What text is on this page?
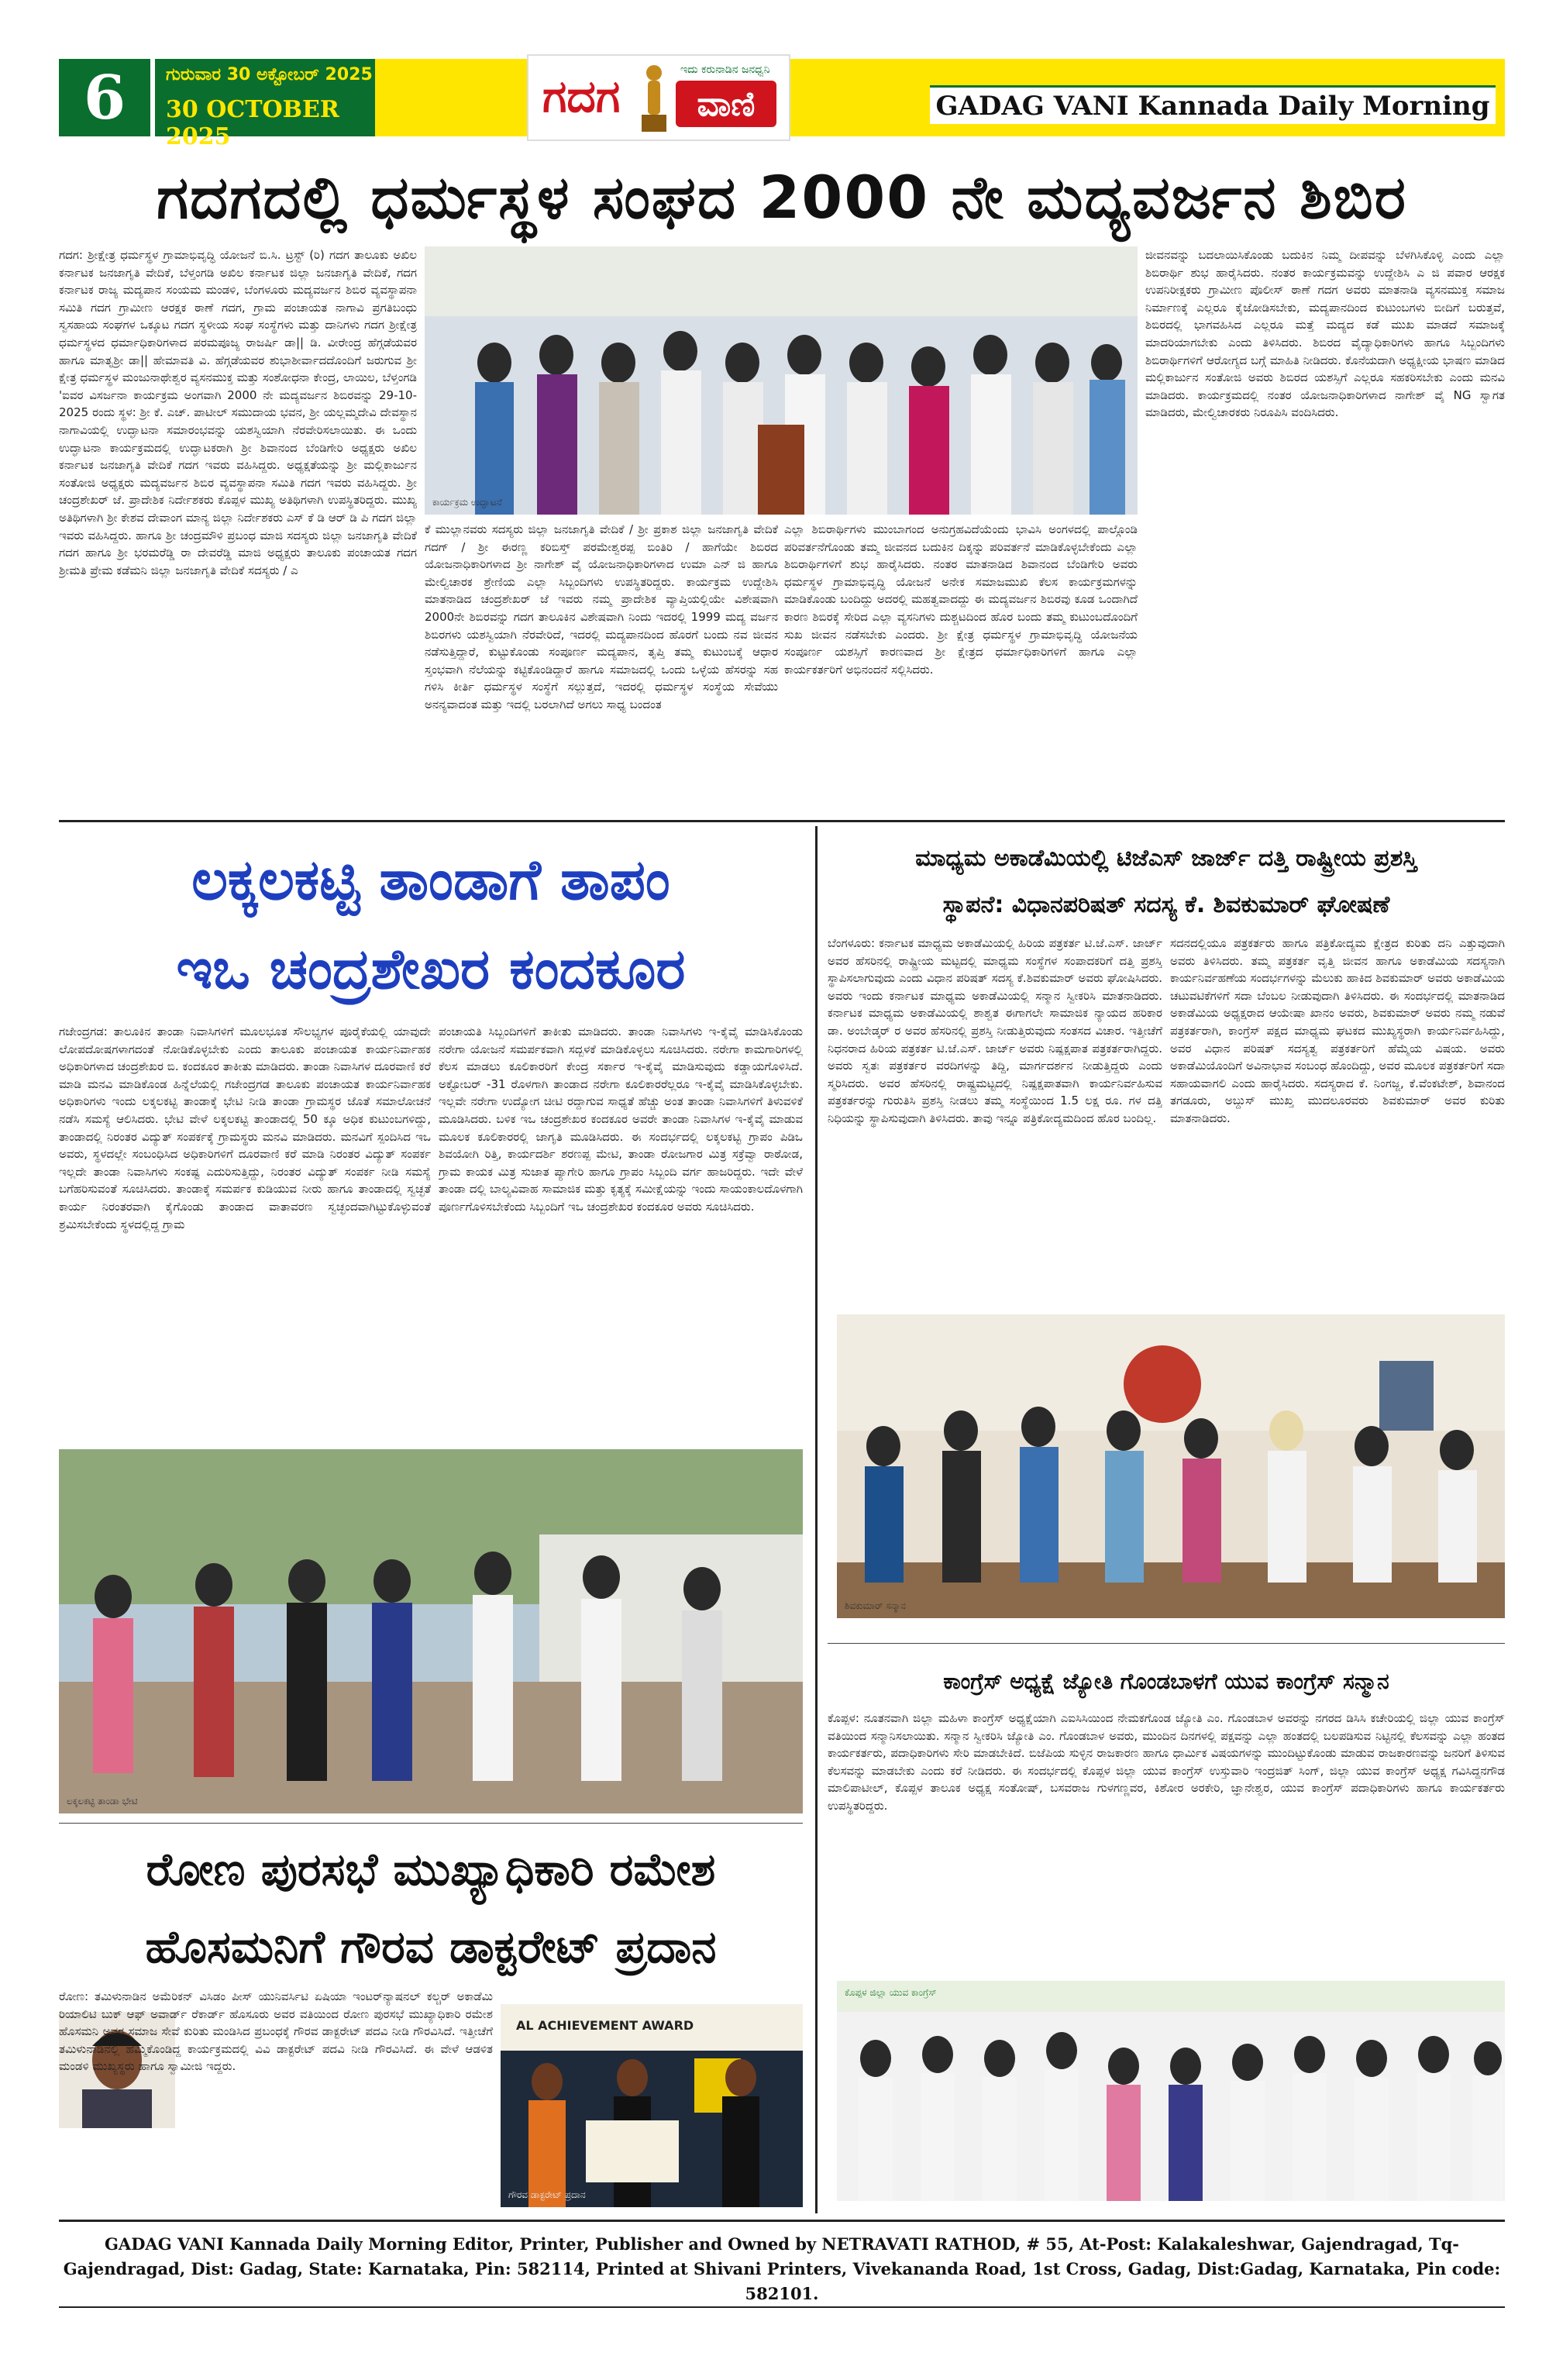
6	ಗುರುವಾರ 30 ಅಕ್ಟೋಬರ್ 2025
30 OCTOBER 2025
ಗದಗ	ಇದು ಕರುನಾಡಿನ ಜನಧ್ವನಿ
ವಾಣಿ	GADAG VANI Kannada Daily Morning
ಗದಗದಲ್ಲಿ ಧರ್ಮಸ್ಥಳ ಸಂಘದ 2000 ನೇ ಮದ್ಯವರ್ಜನ ಶಿಬಿರ

ಗದಗ: ಶ್ರೀಕ್ಷೇತ್ರ ಧರ್ಮಸ್ಥಳ ಗ್ರಾಮಾಭಿವೃದ್ಧಿ ಯೋಜನೆ ಬಿ.ಸಿ. ಟ್ರಸ್ಟ್ (ರಿ) ಗದಗ ತಾಲೂಕು ಅಖಿಲ ಕರ್ನಾಟಕ ಜನಜಾಗೃತಿ ವೇದಿಕೆ, ಬೆಳ್ತಂಗಡಿ ಅಖಿಲ ಕರ್ನಾಟಕ ಜಿಲ್ಲಾ ಜನಜಾಗೃತಿ ವೇದಿಕೆ, ಗದಗ ಕರ್ನಾಟಕ ರಾಜ್ಯ ಮದ್ಯಪಾನ ಸಂಯಮ ಮಂಡಳಿ, ಬೆಂಗಳೂರು ಮದ್ಯವರ್ಜನ ಶಿಬಿರ ವ್ಯವಸ್ಥಾಪನಾ ಸಮಿತಿ ಗದಗ ಗ್ರಾಮೀಣ ಆರಕ್ಷಕ ಠಾಣೆ ಗದಗ, ಗ್ರಾಮ ಪಂಚಾಯತ ನಾಗಾವಿ ಪ್ರಗತಿಬಂಧು ಸ್ವಸಹಾಯ ಸಂಘಗಳ ಒಕ್ಕೂಟ ಗದಗ ಸ್ಥಳೀಯ ಸಂಘ ಸಂಸ್ಥೆಗಳು ಮತ್ತು ದಾನಿಗಳು ಗದಗ ಶ್ರೀಕ್ಷೇತ್ರ ಧರ್ಮಸ್ಥಳದ ಧರ್ಮಾಧಿಕಾರಿಗಳಾದ ಪರಮಪೂಜ್ಯ ರಾಜರ್ಷಿ ಡಾ|| ಡಿ. ವೀರೇಂದ್ರ ಹೆಗ್ಗಡೆಯವರ ಹಾಗೂ ಮಾತೃಶ್ರೀ ಡಾ|| ಹೇಮಾವತಿ ವಿ. ಹೆಗ್ಗಡೆಯವರ ಶುಭಾಶೀರ್ವಾದದೊಂದಿಗೆ ಜರುಗುವ ಶ್ರೀ ಕ್ಷೇತ್ರ ಧರ್ಮಸ್ಥಳ ಮಂಜುನಾಥೇಶ್ವರ ವ್ಯಸನಮುಕ್ತ ಮತ್ತು ಸಂಶೋಧನಾ ಕೇಂದ್ರ, ಲಾಯಿಲ, ಬೆಳ್ತಂಗಡಿ 'ಐವರ ವಿಸರ್ಜನಾ ಕಾರ್ಯಕ್ರಮ ಅಂಗವಾಗಿ 2000 ನೇ ಮದ್ಯವರ್ಜನ ಶಿಬಿರವನ್ನು 29-10-2025 ರಂದು ಸ್ಥಳ: ಶ್ರೀ ಕೆ. ಎಚ್. ಪಾಟೀಲ್ ಸಮುದಾಯ ಭವನ, ಶ್ರೀ ಯಲ್ಲಮ್ಮದೇವಿ ದೇವಸ್ಥಾನ ನಾಗಾವಿಯಲ್ಲಿ ಉದ್ಘಾಟನಾ ಸಮಾರಂಭವನ್ನು ಯಶಸ್ವಿಯಾಗಿ ನೆರವೇರಿಸಲಾಯಿತು. ಈ ಒಂದು ಉದ್ಘಾಟನಾ ಕಾರ್ಯಕ್ರಮದಲ್ಲಿ ಉದ್ಘಾಟಕರಾಗಿ ಶ್ರೀ ಶಿವಾನಂದ ಬೆಂಡಿಗೇರಿ ಅಧ್ಯಕ್ಷರು ಅಖಿಲ ಕರ್ನಾಟಕ ಜನಜಾಗೃತಿ ವೇದಿಕೆ ಗದಗ ಇವರು ವಹಿಸಿದ್ದರು. ಅಧ್ಯಕ್ಷತೆಯನ್ನು ಶ್ರೀ ಮಲ್ಲಿಕಾರ್ಜುನ ಸಂತೋಜಿ ಅಧ್ಯಕ್ಷರು ಮದ್ಯವರ್ಜನ ಶಿಬಿರ ವ್ಯವಸ್ಥಾಪನಾ ಸಮಿತಿ ಗದಗ ಇವರು ವಹಿಸಿದ್ದರು. ಶ್ರೀ ಚಂದ್ರಶೇಖರ್ ಜೆ. ಪ್ರಾದೇಶಿಕ ನಿರ್ದೇಶಕರು ಕೊಪ್ಪಳ ಮುಖ್ಯ ಅತಿಥಿಗಳಾಗಿ ಉಪಸ್ಥಿತರಿದ್ದರು. ಮುಖ್ಯ ಅತಿಥಿಗಳಾಗಿ ಶ್ರೀ ಕೇಶವ ದೇವಾಂಗ ಮಾನ್ಯ ಜಿಲ್ಲಾ ನಿರ್ದೇಶಕರು ಎಸ್ ಕೆ ಡಿ ಆರ್ ಡಿ ಪಿ ಗದಗ ಜಿಲ್ಲಾ ಇವರು ವಹಿಸಿದ್ದರು. ಹಾಗೂ ಶ್ರೀ ಚಂದ್ರಮೌಳಿ ಪ್ರಬಂಧ ಮಾಜಿ ಸದಸ್ಯರು ಜಿಲ್ಲಾ ಜನಜಾಗೃತಿ ವೇದಿಕೆ ಗದಗ ಹಾಗೂ ಶ್ರೀ ಭರಮರೆಡ್ಡಿ ರಾ ದೇವರೆಡ್ಡಿ ಮಾಜಿ ಅಧ್ಯಕ್ಷರು ತಾಲೂಕು ಪಂಚಾಯತ ಗದಗ ಶ್ರೀಮತಿ ಪ್ರೇಮ ಕಡೆಮನಿ ಜಿಲ್ಲಾ ಜನಜಾಗೃತಿ ವೇದಿಕೆ ಸದಸ್ಯರು / ಎ

ಕಾರ್ಯಕ್ರಮ ಉದ್ಘಾಟನೆ

ಕೆ ಮುಲ್ಲಾನವರು ಸದಸ್ಯರು ಜಿಲ್ಲಾ ಜನಜಾಗೃತಿ ವೇದಿಕೆ / ಶ್ರೀ ಪ್ರಕಾಶ ಜಿಲ್ಲಾ ಜನಜಾಗೃತಿ ವೇದಿಕೆ ಗದಗ್ / ಶ್ರೀ ಈರಣ್ಣ ಕರಿಬಿಸ್ತ್ ಪರಮೇಶ್ವರಪ್ಪ ಬಿಂತಿರಿ / ಹಾಗೆಯೇ ಶಿಬಿರದ ಯೋಜನಾಧಿಕಾರಿಗಳಾದ ಶ್ರೀ ನಾಗೇಶ್ ವೈ ಯೋಜನಾಧಿಕಾರಿಗಳಾದ ಉಮಾ ಎನ್ ಜಿ ಹಾಗೂ ಮೇಲ್ವಿಚಾರಕ ಶ್ರೇಣಿಯ ಎಲ್ಲಾ ಸಿಬ್ಬಂದಿಗಳು ಉಪಸ್ಥಿತರಿದ್ದರು. ಕಾರ್ಯಕ್ರಮ ಉದ್ದೇಶಿಸಿ ಮಾತನಾಡಿದ ಚಂದ್ರಶೇಖರ್ ಜೆ ಇವರು ನಮ್ಮ ಪ್ರಾದೇಶಿಕ ವ್ಯಾಪ್ತಿಯಲ್ಲಿಯೇ ವಿಶೇಷವಾಗಿ 2000ನೇ ಶಿಬಿರವನ್ನು ಗದಗ ತಾಲೂಕಿನ ವಿಶೇಷವಾಗಿ ನಿಂದು ಇದರಲ್ಲಿ 1999 ಮದ್ಯ ವರ್ಜನ ಶಿಬಿರಗಳು ಯಶಸ್ವಿಯಾಗಿ ನೆರವೇರಿದೆ, ಇದರಲ್ಲಿ ಮದ್ಯಪಾನದಿಂದ ಹೊರಗೆ ಬಂದು ನವ ಜೀವನ ನಡೆಸುತ್ತಿದ್ದಾರೆ, ಕುಟ್ಟುಕೊಂಡು ಸಂಪೂರ್ಣ ಮದ್ಯಪಾನ, ತೃಪ್ತಿ ತಮ್ಮ ಕುಟುಂಬಕ್ಕೆ ಆಧಾರ ಸ್ತಂಭವಾಗಿ ನೆಲೆಯನ್ನು ಕಟ್ಟಿಕೊಂಡಿದ್ದಾರೆ ಹಾಗೂ ಸಮಾಜದಲ್ಲಿ ಒಂದು ಒಳ್ಳೆಯ ಹೆಸರನ್ನು ಸಹ ಗಳಿಸಿ ಕೀರ್ತಿ ಧರ್ಮಸ್ಥಳ ಸಂಸ್ಥೆಗೆ ಸಲ್ಲುತ್ತದೆ, ಇದರಲ್ಲಿ ಧರ್ಮಸ್ಥಳ ಸಂಸ್ಥೆಯ ಸೇವೆಯು ಅನನ್ಯವಾದಂತ ಮತ್ತು ಇದಲ್ಲಿ ಬರಲಾಗಿದೆ ಅಗಲು ಸಾಧ್ಯ ಬಂದಂತ

ಎಲ್ಲಾ ಶಿಬಿರಾರ್ಥಿಗಳು ಮುಂಬಾಗಂದ ಅನುಗ್ರಹವಿದೆಯೆಂದು ಭಾವಿಸಿ ಅಂಗಳದಲ್ಲಿ ಪಾಲ್ಗೊಂಡಿ ಪರಿವರ್ತನೆಗೊಂಡು ತಮ್ಮ ಜೀವನದ ಬದುಕಿನ ದಿಕ್ಕನ್ನು ಪರಿವರ್ತನೆ ಮಾಡಿಕೊಳ್ಳಬೇಕೆಂದು ಎಲ್ಲಾ ಶಿಬಿರಾರ್ಥಿಗಳಿಗೆ ಶುಭ ಹಾರೈಸಿದರು. ನಂತರ ಮಾತನಾಡಿದ ಶಿವಾನಂದ ಬೆಂಡಿಗೇರಿ ಅವರು ಧರ್ಮಸ್ಥಳ ಗ್ರಾಮಾಭಿವೃದ್ಧಿ ಯೋಜನೆ ಅನೇಕ ಸಮಾಜಮುಖಿ ಕೆಲಸ ಕಾರ್ಯಕ್ರಮಗಳನ್ನು ಮಾಡಿಕೊಂಡು ಬಂದಿದ್ದು ಅದರಲ್ಲಿ ಮಹತ್ವವಾದದ್ದು ಈ ಮದ್ಯವರ್ಜನ ಶಿಬಿರವು ಕೂಡ ಒಂದಾಗಿದೆ ಕಾರಣ ಶಿಬಿರಕ್ಕೆ ಸೇರಿದ ಎಲ್ಲಾ ವ್ಯಸನಿಗಳು ದುಶ್ಚಟದಿಂದ ಹೊರ ಬಂದು ತಮ್ಮ ಕುಟುಂಬದೊಂದಿಗೆ ಸುಖ ಜೀವನ ನಡೆಸಬೇಕು ಎಂದರು. ಶ್ರೀ ಕ್ಷೇತ್ರ ಧರ್ಮಸ್ಥಳ ಗ್ರಾಮಾಭಿವೃದ್ಧಿ ಯೋಜನೆಯ ಸಂಪೂರ್ಣ ಯಶಸ್ಸಿಗೆ ಕಾರಣವಾದ ಶ್ರೀ ಕ್ಷೇತ್ರದ ಧರ್ಮಾಧಿಕಾರಿಗಳಿಗೆ ಹಾಗೂ ಎಲ್ಲಾ ಕಾರ್ಯಕರ್ತರಿಗೆ ಅಭಿನಂದನೆ ಸಲ್ಲಿಸಿದರು.

ಜೀವನವನ್ನು ಬದಲಾಯಿಸಿಕೊಂಡು ಬದುಕಿನ ನಿಮ್ಮ ದೀಪವನ್ನು ಬೆಳಗಿಸಿಕೊಳ್ಳಿ ಎಂದು ಎಲ್ಲಾ ಶಿಬಿರಾರ್ಥಿ ಶುಭ ಹಾರೈಸಿದರು. ನಂತರ ಕಾರ್ಯಕ್ರಮವನ್ನು ಉದ್ದೇಶಿಸಿ ಎ ಜಿ ಪವಾರ ಆರಕ್ಷಕ ಉಪನಿರೀಕ್ಷಕರು ಗ್ರಾಮೀಣ ಪೊಲೀಸ್ ಠಾಣೆ ಗದಗ ಅವರು ಮಾತನಾಡಿ ವ್ಯಸನಮುಕ್ತ ಸಮಾಜ ನಿರ್ಮಾಣಕ್ಕೆ ಎಲ್ಲರೂ ಕೈಜೋಡಿಸಬೇಕು, ಮದ್ಯಪಾನದಿಂದ ಕುಟುಂಬಗಳು ಬೀದಿಗೆ ಬರುತ್ತವೆ, ಶಿಬಿರದಲ್ಲಿ ಭಾಗವಹಿಸಿದ ಎಲ್ಲರೂ ಮತ್ತೆ ಮದ್ಯದ ಕಡೆ ಮುಖ ಮಾಡದೆ ಸಮಾಜಕ್ಕೆ ಮಾದರಿಯಾಗಬೇಕು ಎಂದು ತಿಳಿಸಿದರು. ಶಿಬಿರದ ವೈದ್ಯಾಧಿಕಾರಿಗಳು ಹಾಗೂ ಸಿಬ್ಬಂದಿಗಳು ಶಿಬಿರಾರ್ಥಿಗಳಿಗೆ ಆರೋಗ್ಯದ ಬಗ್ಗೆ ಮಾಹಿತಿ ನೀಡಿದರು. ಕೊನೆಯದಾಗಿ ಅಧ್ಯಕ್ಷೀಯ ಭಾಷಣ ಮಾಡಿದ ಮಲ್ಲಿಕಾರ್ಜುನ ಸಂತೋಜಿ ಅವರು ಶಿಬಿರದ ಯಶಸ್ಸಿಗೆ ಎಲ್ಲರೂ ಸಹಕರಿಸಬೇಕು ಎಂದು ಮನವಿ ಮಾಡಿದರು. ಕಾರ್ಯಕ್ರಮದಲ್ಲಿ ನಂತರ ಯೋಜನಾಧಿಕಾರಿಗಳಾದ ನಾಗೇಶ್ ವೈ NG ಸ್ವಾಗತ ಮಾಡಿದರು, ಮೇಲ್ವಿಚಾರಕರು ನಿರೂಪಿಸಿ ವಂದಿಸಿದರು.

ಲಕ್ಕಲಕಟ್ಟಿ ತಾಂಡಾಗೆ ತಾಪಂ
ಇಒ ಚಂದ್ರಶೇಖರ ಕಂದಕೂರ

ಗಜೇಂದ್ರಗಡ: ತಾಲೂಕಿನ ತಾಂಡಾ ನಿವಾಸಿಗಳಿಗೆ ಮೂಲಭೂತ ಸೌಲಭ್ಯಗಳ ಪೂರೈಕೆಯಲ್ಲಿ ಯಾವುದೇ ಲೋಪದೋಷಗಳಾಗದಂತೆ ನೋಡಿಕೊಳ್ಳಬೇಕು ಎಂದು ತಾಲೂಕು ಪಂಚಾಯತ ಕಾರ್ಯನಿರ್ವಾಹಕ ಅಧಿಕಾರಿಗಳಾದ ಚಂದ್ರಶೇಖರ ಬಿ. ಕಂದಕೂರ ತಾಕೀತು ಮಾಡಿದರು. ತಾಂಡಾ ನಿವಾಸಿಗಳ ದೂರವಾಣಿ ಕರೆ ಮಾಡಿ ಮನವಿ ಮಾಡಿಕೊಂಡ ಹಿನ್ನೆಲೆಯಲ್ಲಿ ಗಜೇಂದ್ರಗಡ ತಾಲೂಕು ಪಂಚಾಯತ ಕಾರ್ಯನಿರ್ವಾಹಕ ಅಧಿಕಾರಿಗಳು ಇಂದು ಲಕ್ಕಲಕಟ್ಟಿ ತಾಂಡಾಕ್ಕೆ ಭೇಟಿ ನೀಡಿ ತಾಂಡಾ ಗ್ರಾಮಸ್ಥರ ಜೊತೆ ಸಮಾಲೋಚನೆ ನಡೆಸಿ ಸಮಸ್ಯೆ ಆಲಿಸಿದರು. ಭೇಟಿ ವೇಳೆ ಲಕ್ಕಲಕಟ್ಟಿ ತಾಂಡಾದಲ್ಲಿ 50 ಕ್ಕೂ ಅಧಿಕ ಕುಟುಂಬಗಳಿದ್ದು, ತಾಂಡಾದಲ್ಲಿ ನಿರಂತರ ವಿದ್ಯುತ್ ಸಂಪರ್ಕಕ್ಕೆ ಗ್ರಾಮಸ್ಥರು ಮನವಿ ಮಾಡಿದರು. ಮನವಿಗೆ ಸ್ಪಂದಿಸಿದ ಇಒ ಅವರು, ಸ್ಥಳದಲ್ಲೇ ಸಂಬಂಧಿಸಿದ ಅಧಿಕಾರಿಗಳಿಗೆ ದೂರವಾಣಿ ಕರೆ ಮಾಡಿ ನಿರಂತರ ವಿದ್ಯುತ್ ಸಂಪರ್ಕ ಇಲ್ಲದೇ ತಾಂಡಾ ನಿವಾಸಿಗಳು ಸಂಕಷ್ಟ ಎದುರಿಸುತ್ತಿದ್ದು, ನಿರಂತರ ವಿದ್ಯುತ್ ಸಂಪರ್ಕ ನೀಡಿ ಸಮಸ್ಯೆ ಬಗೆಹರಿಸುವಂತೆ ಸೂಚಿಸಿದರು. ತಾಂಡಾಕ್ಕೆ ಸಮರ್ಪಕ ಕುಡಿಯುವ ನೀರು ಹಾಗೂ ತಾಂಡಾದಲ್ಲಿ ಸ್ವಚ್ಛತೆ ಕಾರ್ಯ ನಿರಂತರವಾಗಿ ಕೈಗೊಂಡು ತಾಂಡಾದ ವಾತಾವರಣ ಸ್ವಚ್ಛಂದವಾಗಿಟ್ಟುಕೊಳ್ಳುವಂತೆ ಶ್ರಮಿಸಬೇಕೆಂದು ಸ್ಥಳದಲ್ಲಿದ್ದ ಗ್ರಾಮ

ಪಂಚಾಯತಿ ಸಿಬ್ಬಂದಿಗಳಿಗೆ ತಾಕೀತು ಮಾಡಿದರು. ತಾಂಡಾ ನಿವಾಸಿಗಳು ಇ-ಕೈವೈ ಮಾಡಿಸಿಕೊಂಡು ನರೇಗಾ ಯೋಜನೆ ಸಮರ್ಪಕವಾಗಿ ಸದ್ಬಳಕೆ ಮಾಡಿಕೊಳ್ಳಲು ಸೂಚಿಸಿದರು. ನರೇಗಾ ಕಾಮಗಾರಿಗಳಲ್ಲಿ ಕೆಲಸ ಮಾಡಲು ಕೂಲಿಕಾರರಿಗೆ ಕೇಂದ್ರ ಸರ್ಕಾರ ಇ-ಕೈವೈ ಮಾಡಿಸುವುದು ಕಡ್ಡಾಯಗೊಳಿಸಿದೆ. ಅಕ್ಟೋಬರ್ -31 ರೊಳಗಾಗಿ ತಾಂಡಾದ ನರೇಗಾ ಕೂಲಿಕಾರರೆಲ್ಲರೂ ಇ-ಕೈವೈ ಮಾಡಿಸಿಕೊಳ್ಳಬೇಕು. ಇಲ್ಲವೇ ನರೇಗಾ ಉದ್ಯೋಗ ಚೀಟಿ ರದ್ದಾಗುವ ಸಾಧ್ಯತೆ ಹೆಚ್ಚು ಅಂತ ತಾಂಡಾ ನಿವಾಸಿಗಳಿಗೆ ತಿಳುವಳಿಕೆ ಮೂಡಿಸಿದರು. ಬಳಿಕ ಇಒ ಚಂದ್ರಶೇಖರ ಕಂದಕೂರ ಅವರೇ ತಾಂಡಾ ನಿವಾಸಿಗಳ ಇ-ಕೈವೈ ಮಾಡುವ ಮೂಲಕ ಕೂಲಿಕಾರರಲ್ಲಿ ಜಾಗೃತಿ ಮೂಡಿಸಿದರು. ಈ ಸಂದರ್ಭದಲ್ಲಿ ಲಕ್ಕಲಕಟ್ಟಿ ಗ್ರಾಪಂ ಪಿಡಿಒ ಶಿವಯೋಗಿ ರಿತ್ತಿ, ಕಾರ್ಯದರ್ಶಿ ಶರಣಪ್ಪ ಮೇಟಿ, ತಾಂಡಾ ರೋಜಗಾರ ಮಿತ್ರ ಸಕ್ರೆವ್ವಾ ರಾಠೋಡ, ಗ್ರಾಮ ಕಾಯಕ ಮಿತ್ರ ಸುಜಾತ ಪ್ಯಾಗೇರಿ ಹಾಗೂ ಗ್ರಾಪಂ ಸಿಬ್ಬಂದಿ ವರ್ಗ ಹಾಜರಿದ್ದರು. ಇದೇ ವೇಳೆ ತಾಂಡಾ ದಲ್ಲಿ ಬಾಲ್ಯವಿವಾಹ ಸಾಮಾಜಿಕ ಮತ್ತು ಕೃತ್ಯಕ್ಕೆ ಸಮೀಕ್ಷೆಯನ್ನು ಇಂದು ಸಾಯಂಕಾಲದೊಳಗಾಗಿ ಪೂರ್ಣಗೊಳಿಸಬೇಕೆಂದು ಸಿಬ್ಬಂದಿಗೆ ಇಒ ಚಂದ್ರಶೇಖರ ಕಂದಕೂರ ಅವರು ಸೂಚಿಸಿದರು.

ಲಕ್ಕಲಕಟ್ಟಿ ತಾಂಡಾ ಭೇಟಿ
ಮಾಧ್ಯಮ ಅಕಾಡೆಮಿಯಲ್ಲಿ ಟಿಜೆಎಸ್ ಜಾರ್ಜ್ ದತ್ತಿ ರಾಷ್ಟ್ರೀಯ ಪ್ರಶಸ್ತಿ
ಸ್ಥಾಪನೆ: ವಿಧಾನಪರಿಷತ್ ಸದಸ್ಯ ಕೆ. ಶಿವಕುಮಾರ್ ಘೋಷಣೆ

ಬೆಂಗಳೂರು: ಕರ್ನಾಟಕ ಮಾಧ್ಯಮ ಅಕಾಡೆಮಿಯಲ್ಲಿ ಹಿರಿಯ ಪತ್ರಕರ್ತ ಟಿ.ಜೆ.ಎಸ್. ಜಾರ್ಜ್ ಅವರ ಹೆಸರಿನಲ್ಲಿ ರಾಷ್ಟ್ರೀಯ ಮಟ್ಟದಲ್ಲಿ ಮಾಧ್ಯಮ ಸಂಸ್ಥೆಗಳ ಸಂಪಾದಕರಿಗೆ ದತ್ತಿ ಪ್ರಶಸ್ತಿ ಸ್ಥಾಪಿಸಲಾಗುವುದು ಎಂದು ವಿಧಾನ ಪರಿಷತ್ ಸದಸ್ಯ ಕೆ.ಶಿವಕುಮಾರ್ ಅವರು ಘೋಷಿಸಿದರು. ಅವರು ಇಂದು ಕರ್ನಾಟಕ ಮಾಧ್ಯಮ ಅಕಾಡೆಮಿಯಲ್ಲಿ ಸನ್ಮಾನ ಸ್ವೀಕರಿಸಿ ಮಾತನಾಡಿದರು. ಕರ್ನಾಟಕ ಮಾಧ್ಯಮ ಅಕಾಡೆಮಿಯಲ್ಲಿ ಶಾಶ್ವತ ಈಗಾಗಲೇ ಸಾಮಾಜಿಕ ನ್ಯಾಯದ ಹರಿಕಾರ ಡಾ. ಅಂಬೇಡ್ಕರ್ ರ ಅವರ ಹೆಸರಿನಲ್ಲಿ ಪ್ರಶಸ್ತಿ ನೀಡುತ್ತಿರುವುದು ಸಂತಸದ ವಿಚಾರ. ಇತ್ತೀಚೆಗೆ ನಿಧನರಾದ ಹಿರಿಯ ಪತ್ರಕರ್ತ ಟಿ.ಜೆ.ಎಸ್. ಜಾರ್ಜ್ ಅವರು ನಿಷ್ಪಕ್ಷಪಾತ ಪತ್ರಕರ್ತರಾಗಿದ್ದರು. ಅವರು ಸ್ವತಃ ಪತ್ರಕರ್ತರ ವರದಿಗಳನ್ನು ತಿದ್ದಿ, ಮಾರ್ಗದರ್ಶನ ನೀಡುತ್ತಿದ್ದರು ಎಂದು ಸ್ಮರಿಸಿದರು. ಅವರ ಹೆಸರಿನಲ್ಲಿ ರಾಷ್ಟ್ರಮಟ್ಟದಲ್ಲಿ ನಿಷ್ಪಕ್ಷಪಾತವಾಗಿ ಕಾರ್ಯನಿರ್ವಹಿಸುವ ಪತ್ರಕರ್ತರನ್ನು ಗುರುತಿಸಿ ಪ್ರಶಸ್ತಿ ನೀಡಲು ತಮ್ಮ ಸಂಸ್ಥೆಯಿಂದ 1.5 ಲಕ್ಷ ರೂ. ಗಳ ದತ್ತಿ ನಿಧಿಯನ್ನು ಸ್ಥಾಪಿಸುವುದಾಗಿ ತಿಳಿಸಿದರು. ತಾವು ಇನ್ನೂ ಪತ್ರಿಕೋದ್ಯಮದಿಂದ ಹೊರ ಬಂದಿಲ್ಲ.

ಸದನದಲ್ಲಿಯೂ ಪತ್ರಕರ್ತರು ಹಾಗೂ ಪತ್ರಿಕೋದ್ಯಮ ಕ್ಷೇತ್ರದ ಕುರಿತು ದನಿ ಎತ್ತುವುದಾಗಿ ಅವರು ತಿಳಿಸಿದರು. ತಮ್ಮ ಪತ್ರಕರ್ತ ವೃತ್ತಿ ಜೀವನ ಹಾಗೂ ಅಕಾಡೆಮಿಯ ಸದಸ್ಯನಾಗಿ ಕಾರ್ಯನಿರ್ವಹಣೆಯ ಸಂದರ್ಭಗಳನ್ನು ಮೆಲುಕು ಹಾಕಿದ ಶಿವಕುಮಾರ್ ಅವರು ಅಕಾಡೆಮಿಯ ಚಟುವಟಿಕೆಗಳಿಗೆ ಸದಾ ಬೆಂಬಲ ನೀಡುವುದಾಗಿ ತಿಳಿಸಿದರು. ಈ ಸಂದರ್ಭದಲ್ಲಿ ಮಾತನಾಡಿದ ಅಕಾಡೆಮಿಯ ಅಧ್ಯಕ್ಷರಾದ ಆಯೇಷಾ ಖಾನಂ ಅವರು, ಶಿವಕುಮಾರ್ ಅವರು ನಮ್ಮ ನಡುವೆ ಪತ್ರಕರ್ತರಾಗಿ, ಕಾಂಗ್ರೆಸ್ ಪಕ್ಷದ ಮಾಧ್ಯಮ ಘಟಕದ ಮುಖ್ಯಸ್ಥರಾಗಿ ಕಾರ್ಯನಿರ್ವಹಿಸಿದ್ದು, ಅವರ ವಿಧಾನ ಪರಿಷತ್ ಸದಸ್ಯತ್ವ ಪತ್ರಕರ್ತರಿಗೆ ಹೆಮ್ಮೆಯ ವಿಷಯ. ಅವರು ಅಕಾಡೆಮಿಯೊಂದಿಗೆ ಅವಿನಾಭಾವ ಸಂಬಂಧ ಹೊಂದಿದ್ದು, ಅವರ ಮೂಲಕ ಪತ್ರಕರ್ತರಿಗೆ ಸದಾ ಸಹಾಯವಾಗಲಿ ಎಂದು ಹಾರೈಸಿದರು. ಸದಸ್ಯರಾದ ಕೆ. ನಿಂಗಜ್ಜ, ಕೆ.ವೆಂಕಟೇಶ್, ಶಿವಾನಂದ ತಗಡೂರು, ಅಬ್ದುಸ್ ಮುಖ್ತ ಮುದಲೂರವರು ಶಿವಕುಮಾರ್ ಅವರ ಕುರಿತು ಮಾತನಾಡಿದರು.

ಶಿವಕುಮಾರ್ ಸನ್ಮಾನ
ಕಾಂಗ್ರೆಸ್ ಅಧ್ಯಕ್ಷೆ ಜ್ಯೋತಿ ಗೊಂಡಬಾಳಗೆ ಯುವ ಕಾಂಗ್ರೆಸ್ ಸನ್ಮಾನ

ಕೊಪ್ಪಳ: ನೂತನವಾಗಿ ಜಿಲ್ಲಾ ಮಹಿಳಾ ಕಾಂಗ್ರೆಸ್ ಅಧ್ಯಕ್ಷೆಯಾಗಿ ಎಐಸಿಸಿಯಿಂದ ನೇಮಕಗೊಂಡ ಜ್ಯೋತಿ ಎಂ. ಗೊಂಡಬಾಳ ಅವರನ್ನು ನಗರದ ಡಿಸಿಸಿ ಕಚೇರಿಯಲ್ಲಿ ಜಿಲ್ಲಾ ಯುವ ಕಾಂಗ್ರೆಸ್ ವತಿಯಿಂದ ಸನ್ಮಾನಿಸಲಾಯಿತು. ಸನ್ಮಾನ ಸ್ವೀಕರಿಸಿ ಜ್ಯೋತಿ ಎಂ. ಗೊಂಡಬಾಳ ಅವರು, ಮುಂದಿನ ದಿನಗಳಲ್ಲಿ ಪಕ್ಷವನ್ನು ಎಲ್ಲಾ ಹಂತದಲ್ಲಿ ಬಲಪಡಿಸುವ ನಿಟ್ಟಿನಲ್ಲಿ ಕೆಲಸವನ್ನು ಎಲ್ಲಾ ಹಂತದ ಕಾರ್ಯಕರ್ತರು, ಪದಾಧಿಕಾರಿಗಳು ಸೇರಿ ಮಾಡಬೇಕಿದೆ. ಬಿಜೆಪಿಯ ಸುಳ್ಳಿನ ರಾಜಕಾರಣ ಹಾಗೂ ಧಾರ್ಮಿಕ ವಿಷಯಗಳನ್ನು ಮುಂದಿಟ್ಟುಕೊಂಡು ಮಾಡುವ ರಾಜಕಾರಣವನ್ನು ಜನರಿಗೆ ತಿಳಿಸುವ ಕೆಲಸವನ್ನು ಮಾಡಬೇಕು ಎಂದು ಕರೆ ನೀಡಿದರು. ಈ ಸಂದರ್ಭದಲ್ಲಿ ಕೊಪ್ಪಳ ಜಿಲ್ಲಾ ಯುವ ಕಾಂಗ್ರೆಸ್ ಉಸ್ತುವಾರಿ ಇಂದ್ರಜಿತ್ ಸಿಂಗ್, ಜಿಲ್ಲಾ ಯುವ ಕಾಂಗ್ರೆಸ್ ಅಧ್ಯಕ್ಷ ಗವಿಸಿದ್ದನಗೌಡ ಮಾಲಿಪಾಟೀಲ್, ಕೊಪ್ಪಳ ತಾಲೂಕ ಅಧ್ಯಕ್ಷ ಸಂತೋಷ್, ಬಸವರಾಜ ಗುಳಗಣ್ಣವರ, ಕಿಶೋರ ಅರಕೇರಿ, ಜ್ಞಾನೇಶ್ವರ, ಯುವ ಕಾಂಗ್ರೆಸ್ ಪದಾಧಿಕಾರಿಗಳು ಹಾಗೂ ಕಾರ್ಯಕರ್ತರು ಉಪಸ್ಥಿತರಿದ್ದರು.

ಕೊಪ್ಪಳ ಜಿಲ್ಲಾ ಯುವ ಕಾಂಗ್ರೆಸ್
ರೋಣ ಪುರಸಭೆ ಮುಖ್ಯಾಧಿಕಾರಿ ರಮೇಶ
ಹೊಸಮನಿಗೆ ಗೌರವ ಡಾಕ್ಟರೇಟ್ ಪ್ರದಾನ

ರೋಣ: ತಮಿಳುನಾಡಿನ ಅಮೆರಿಕನ್ ವಿಸಿಡಂ ಪೀಸ್ ಯುನಿವರ್ಸಿಟಿ ಏಷಿಯಾ ಇಂಟರ್‌ನ್ಯಾಷನಲ್ ಕಲ್ಚರ್ ಅಕಾಡೆಮಿ ರಿಯಾಲಿಟಿ ಬುಕ್ ಆಫ್ ಅವಾರ್ಡ್ ರೆಕಾರ್ಡ್ ಹೊಸೂರು ಅವರ ವತಿಯಿಂದ ರೋಣ ಪುರಸಭೆ ಮುಖ್ಯಾಧಿಕಾರಿ ರಮೇಶ ಹೊಸಮನಿ ಅವರ ಸಮಾಜ ಸೇವೆ ಕುರಿತು ಮಂಡಿಸಿದ ಪ್ರಬಂಧಕ್ಕೆ ಗೌರವ ಡಾಕ್ಟರೇಟ್ ಪದವಿ ನೀಡಿ ಗೌರವಿಸಿದೆ. ಇತ್ತೀಚೆಗೆ ತಮಿಳುನಾಡಿನಲ್ಲಿ ಹಮ್ಮಿಕೊಂಡಿದ್ದ ಕಾರ್ಯಕ್ರಮದಲ್ಲಿ ವಿವಿ ಡಾಕ್ಟರೇಟ್ ಪದವಿ ನೀಡಿ ಗೌರವಿಸಿದೆ. ಈ ವೇಳೆ ಆಡಳಿತ ಮಂಡಳಿ ಮುಖ್ಯಸ್ಥರು ಹಾಗೂ ಸ್ವಾಮೀಜಿ ಇದ್ದರು.

AL ACHIEVEMENT AWARD
ಗೌರವ ಡಾಕ್ಟರೇಟ್ ಪ್ರದಾನ
GADAG VANI Kannada Daily Morning Editor, Printer, Publisher and Owned by NETRAVATI RATHOD, # 55, At-Post: Kalakaleshwar, Gajendragad, Tq-Gajendragad, Dist: Gadag, State: Karnataka, Pin: 582114, Printed at Shivani Printers, Vivekananda Road, 1st Cross, Gadag, Dist:Gadag, Karnataka, Pin code: 582101.
